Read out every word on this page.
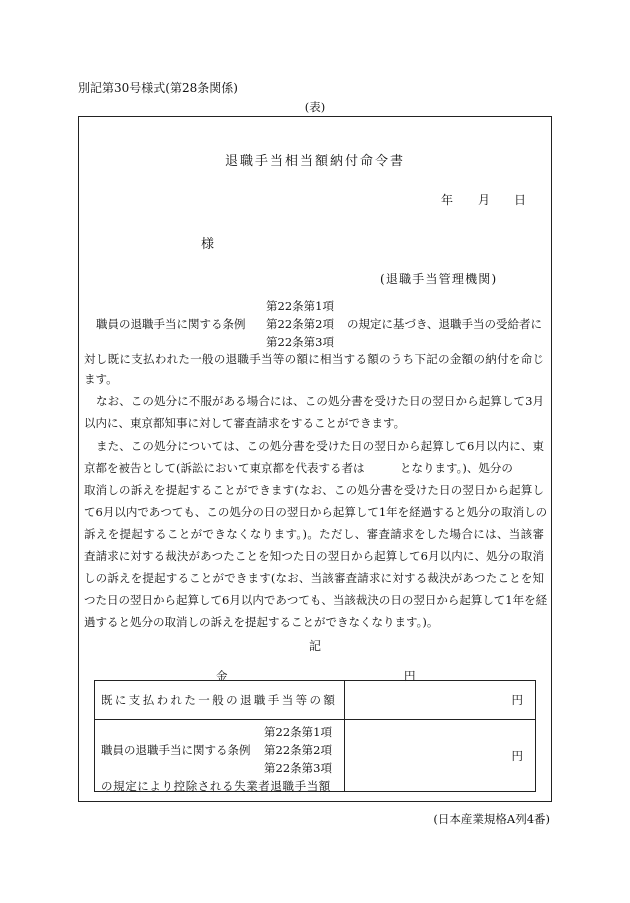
別記第30号様式(第28条関係)
(表)
退職手当相当額納付命令書
年 月 日
様
(退職手当管理機関)
職員の退職手当に関する条例
第22条第1項
第22条第2項
第22条第3項
の規定に基づき、退職手当の受給者に
対し既に支払われた一般の退職手当等の額に相当する額のうち下記の金額の納付を命じ
ます。
なお、この処分に不服がある場合には、この処分書を受けた日の翌日から起算して3月
以内に、東京都知事に対して審査請求をすることができます。
また、この処分については、この処分書を受けた日の翌日から起算して6月以内に、東
京都を被告として(訴訟において東京都を代表する者は	となります。)、処分の
取消しの訴えを提起することができます(なお、この処分書を受けた日の翌日から起算し
て6月以内であつても、この処分の日の翌日から起算して1年を経過すると処分の取消しの
訴えを提起することができなくなります。)。ただし、審査請求をした場合には、当該審
査請求に対する裁決があつたことを知つた日の翌日から起算して6月以内に、処分の取消
しの訴えを提起することができます(なお、当該審査請求に対する裁決があつたことを知
つた日の翌日から起算して6月以内であつても、当該裁決の日の翌日から起算して1年を経
過すると処分の取消しの訴えを提起することができなくなります。)。
記
金	円
既に支払われた一般の退職手当等の額	円

第22条第1項
職員の退職手当に関する条例 第22条第2項
第22条第3項
の規定により控除される失業者退職手当額	円
(日本産業規格A列4番)
